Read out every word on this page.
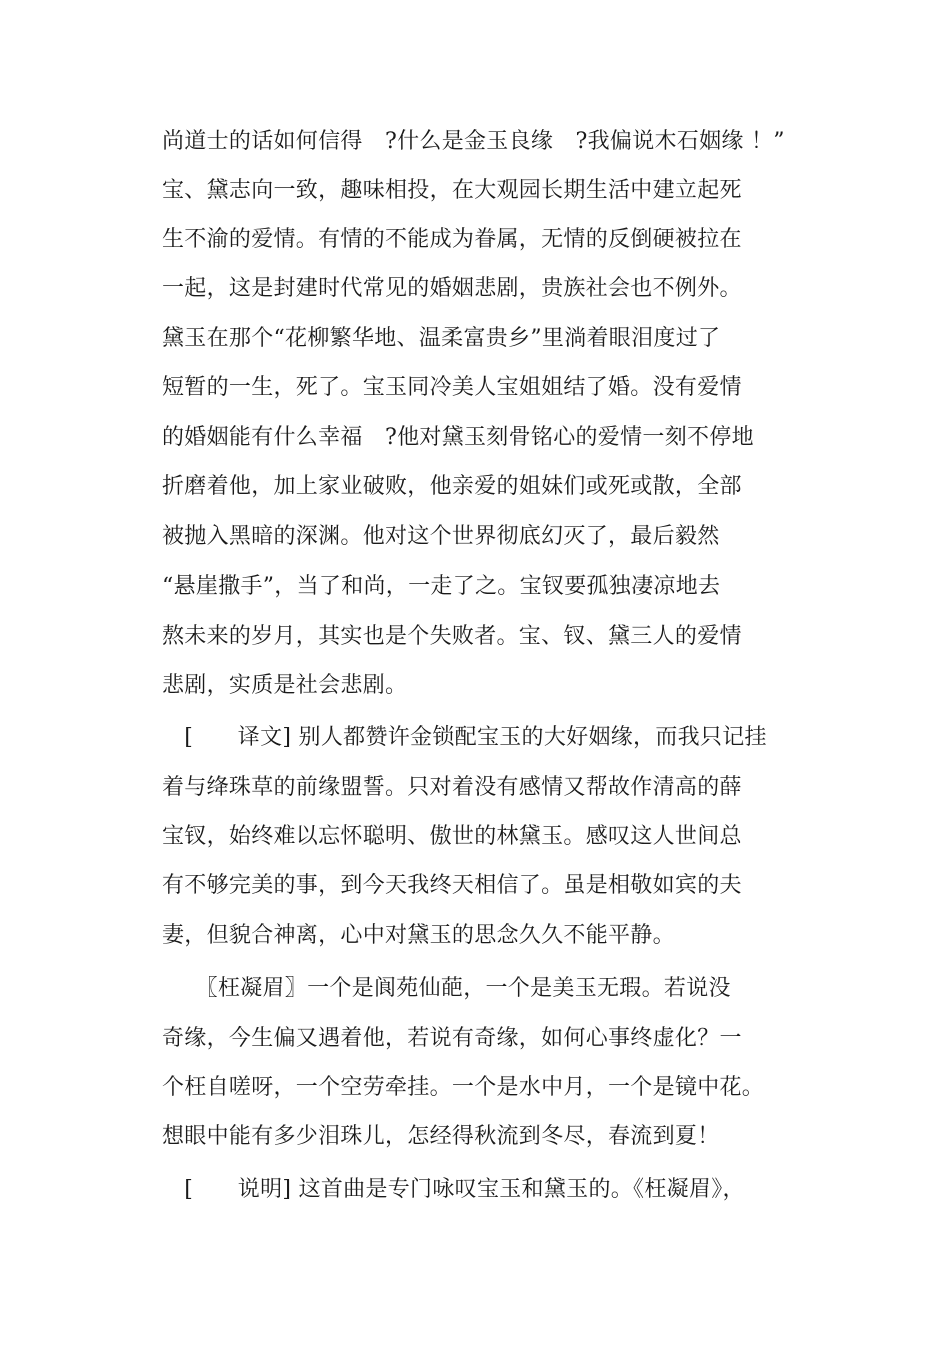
尚道士的话如何信得　?什么是金玉良缘　?我偏说木石姻缘 ！”
宝、黛志向一致，趣味相投，在大观园长期生活中建立起死
生不渝的爱情。有情的不能成为眷属，无情的反倒硬被拉在
一起，这是封建时代常见的婚姻悲剧，贵族社会也不例外。
黛玉在那个“花柳繁华地、温柔富贵乡”里淌着眼泪度过了
短暂的一生，死了。宝玉同冷美人宝姐姐结了婚。没有爱情
的婚姻能有什么幸福　?他对黛玉刻骨铭心的爱情一刻不停地
折磨着他，加上家业破败，他亲爱的姐妹们或死或散，全部
被抛入黑暗的深渊。他对这个世界彻底幻灭了，最后毅然
“悬崖撒手”，当了和尚，一走了之。宝钗要孤独凄凉地去
熬未来的岁月，其实也是个失败者。宝、钗、黛三人的爱情
悲剧，实质是社会悲剧。
　[　　译文] 别人都赞许金锁配宝玉的大好姻缘，而我只记挂
着与绛珠草的前缘盟誓。只对着没有感情又帮故作清高的薛
宝钗，始终难以忘怀聪明、傲世的林黛玉。感叹这人世间总
有不够完美的事，到今天我终天相信了。虽是相敬如宾的夫
妻，但貌合神离，心中对黛玉的思念久久不能平静。
　　〖枉凝眉〗一个是阆苑仙葩，一个是美玉无瑕。若说没
奇缘，今生偏又遇着他，若说有奇缘，如何心事终虚化？一
个枉自嗟呀，一个空劳牵挂。一个是水中月，一个是镜中花。
想眼中能有多少泪珠儿，怎经得秋流到冬尽，春流到夏！
　[　　说明] 这首曲是专门咏叹宝玉和黛玉的。《枉凝眉》，
